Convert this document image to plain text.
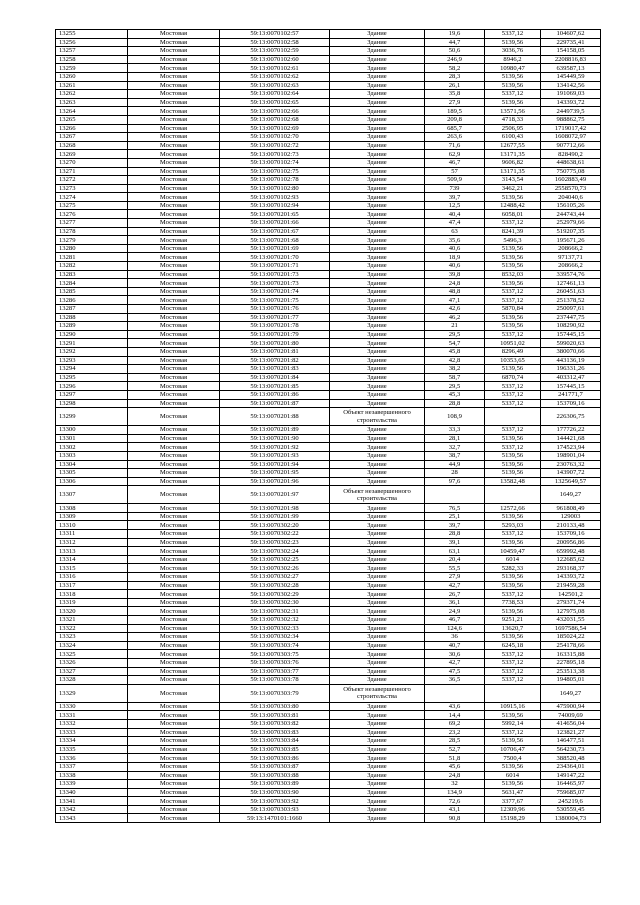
13255	Мостовая	59:13:0070102:57	Здание	19,6	5337,12	104607,62
13256	Мостовая	59:13:0070102:58	Здание	44,7	5139,56	229735,41
13257	Мостовая	59:13:0070102:59	Здание	50,6	3036,76	154158,05
13258	Мостовая	59:13:0070102:60	Здание	246,9	8946,2	2208816,83
13259	Мостовая	59:13:0070102:61	Здание	58,2	10980,47	639587,13
13260	Мостовая	59:13:0070102:62	Здание	28,3	5139,56	145449,59
13261	Мостовая	59:13:0070102:63	Здание	26,1	5139,56	134142,56
13262	Мостовая	59:13:0070102:64	Здание	35,8	5337,12	191069,03
13263	Мостовая	59:13:0070102:65	Здание	27,9	5139,56	143393,72
13264	Мостовая	59:13:0070102:66	Здание	189,5	13571,56	2449739,5
13265	Мостовая	59:13:0070102:68	Здание	209,8	4718,33	988862,75
13266	Мостовая	59:13:0070102:69	Здание	685,7	2506,95	1719017,42
13267	Мостовая	59:13:0070102:70	Здание	263,6	6100,43	1608072,97
13268	Мостовая	59:13:0070102:72	Здание	71,6	12677,55	907712,66
13269	Мостовая	59:13:0070102:73	Здание	62,9	13171,35	828490,2
13270	Мостовая	59:13:0070102:74	Здание	46,7	9606,82	448638,61
13271	Мостовая	59:13:0070102:75	Здание	57	13171,35	750775,08
13272	Мостовая	59:13:0070102:78	Здание	509,9	3143,54	1602883,49
13273	Мостовая	59:13:0070102:80	Здание	739	3462,21	2558570,73
13274	Мостовая	59:13:0070102:93	Здание	39,7	5139,56	204040,6
13275	Мостовая	59:13:0070102:94	Здание	12,5	12488,42	156105,26
13276	Мостовая	59:13:0070201:65	Здание	40,4	6058,01	244743,44
13277	Мостовая	59:13:0070201:66	Здание	47,4	5337,12	252979,66
13278	Мостовая	59:13:0070201:67	Здание	63	8241,39	519207,35
13279	Мостовая	59:13:0070201:68	Здание	35,6	5496,3	195671,26
13280	Мостовая	59:13:0070201:69	Здание	40,6	5139,56	208666,2
13281	Мостовая	59:13:0070201:70	Здание	18,9	5139,56	97137,71
13282	Мостовая	59:13:0070201:71	Здание	40,6	5139,56	208666,2
13283	Мостовая	59:13:0070201:73	Здание	39,8	8532,03	339574,76
13284	Мостовая	59:13:0070201:73	Здание	24,8	5139,56	127461,13
13285	Мостовая	59:13:0070201:74	Здание	48,8	5337,12	260451,63
13286	Мостовая	59:13:0070201:75	Здание	47,1	5337,12	251378,52
13287	Мостовая	59:13:0070201:76	Здание	42,6	5870,84	250097,61
13288	Мостовая	59:13:0070201:77	Здание	46,2	5139,56	237447,75
13289	Мостовая	59:13:0070201:78	Здание	21	5139,56	108290,92
13290	Мостовая	59:13:0070201:79	Здание	29,5	5337,12	157445,15
13291	Мостовая	59:13:0070201:80	Здание	54,7	10951,02	599020,63
13292	Мостовая	59:13:0070201:81	Здание	45,8	8296,49	380070,66
13293	Мостовая	59:13:0070201:82	Здание	42,8	10353,65	443136,19
13294	Мостовая	59:13:0070201:83	Здание	38,2	5139,56	196331,26
13295	Мостовая	59:13:0070201:84	Здание	58,7	6870,74	403312,47
13296	Мостовая	59:13:0070201:85	Здание	29,5	5337,12	157445,15
13297	Мостовая	59:13:0070201:86	Здание	45,3	5337,12	241771,7
13298	Мостовая	59:13:0070201:87	Здание	28,8	5337,12	153709,16
13299	Мостовая	59:13:0070201:88	Объект незавершенного строительства	108,9		226306,75
13300	Мостовая	59:13:0070201:89	Здание	33,3	5337,12	177726,22
13301	Мостовая	59:13:0070201:90	Здание	28,1	5139,56	144421,68
13302	Мостовая	59:13:0070201:92	Здание	32,7	5337,12	174523,94
13303	Мостовая	59:13:0070201:93	Здание	38,7	5139,56	198901,04
13304	Мостовая	59:13:0070201:94	Здание	44,9	5139,56	230763,32
13305	Мостовая	59:13:0070201:95	Здание	28	5139,56	143907,72
13306	Мостовая	59:13:0070201:96	Здание	97,6	13582,48	1325649,57
13307	Мостовая	59:13:0070201:97	Объект незавершенного строительства			1649,27
13308	Мостовая	59:13:0070201:98	Здание	76,5	12572,66	961808,49
13309	Мостовая	59:13:0070201:99	Здание	25,1	5139,56	129003
13310	Мостовая	59:13:0070302:20	Здание	39,7	5293,03	210133,48
13311	Мостовая	59:13:0070302:22	Здание	28,8	5337,12	153709,16
13312	Мостовая	59:13:0070302:23	Здание	39,1	5139,56	200956,86
13313	Мостовая	59:13:0070302:24	Здание	63,1	10459,47	659992,48
13314	Мостовая	59:13:0070302:25	Здание	20,4	6014	122685,62
13315	Мостовая	59:13:0070302:26	Здание	55,5	5282,33	293168,37
13316	Мостовая	59:13:0070302:27	Здание	27,9	5139,56	143393,72
13317	Мостовая	59:13:0070302:28	Здание	42,7	5139,56	219459,28
13318	Мостовая	59:13:0070302:29	Здание	26,7	5337,12	142501,2
13319	Мостовая	59:13:0070302:30	Здание	36,1	7738,53	279371,74
13320	Мостовая	59:13:0070302:31	Здание	24,9	5139,56	127975,08
13321	Мостовая	59:13:0070302:32	Здание	46,7	9251,21	432031,55
13322	Мостовая	59:13:0070302:33	Здание	124,6	13620,7	1697586,54
13323	Мостовая	59:13:0070302:34	Здание	36	5139,56	185024,22
13324	Мостовая	59:13:0070303:74	Здание	40,7	6245,18	254178,66
13325	Мостовая	59:13:0070303:75	Здание	30,6	5337,12	163315,88
13326	Мостовая	59:13:0070303:76	Здание	42,7	5337,12	227895,18
13327	Мостовая	59:13:0070303:77	Здание	47,5	5337,12	253513,38
13328	Мостовая	59:13:0070303:78	Здание	36,5	5337,12	194805,01
13329	Мостовая	59:13:0070303:79	Объект незавершенного строительства			1649,27
13330	Мостовая	59:13:0070303:80	Здание	43,6	10915,16	475900,94
13331	Мостовая	59:13:0070303:81	Здание	14,4	5139,56	74009,69
13332	Мостовая	59:13:0070303:82	Здание	69,2	5992,14	414656,04
13333	Мостовая	59:13:0070303:83	Здание	23,2	5337,12	123821,27
13334	Мостовая	59:13:0070303:84	Здание	28,5	5139,56	146477,51
13335	Мостовая	59:13:0070303:85	Здание	52,7	10706,47	564230,73
13336	Мостовая	59:13:0070303:86	Здание	51,8	7500,4	388520,48
13337	Мостовая	59:13:0070303:87	Здание	45,6	5139,56	234364,01
13338	Мостовая	59:13:0070303:88	Здание	24,8	6014	149147,22
13339	Мостовая	59:13:0070303:89	Здание	32	5139,56	164465,97
13340	Мостовая	59:13:0070303:90	Здание	134,9	5631,47	759685,07
13341	Мостовая	59:13:0070303:92	Здание	72,6	3377,67	245219,6
13342	Мостовая	59:13:0070303:93	Здание	43,1	12309,96	530559,45
13343	Мостовая	59:13:1470101:1660	Здание	90,8	15198,29	1380004,73
